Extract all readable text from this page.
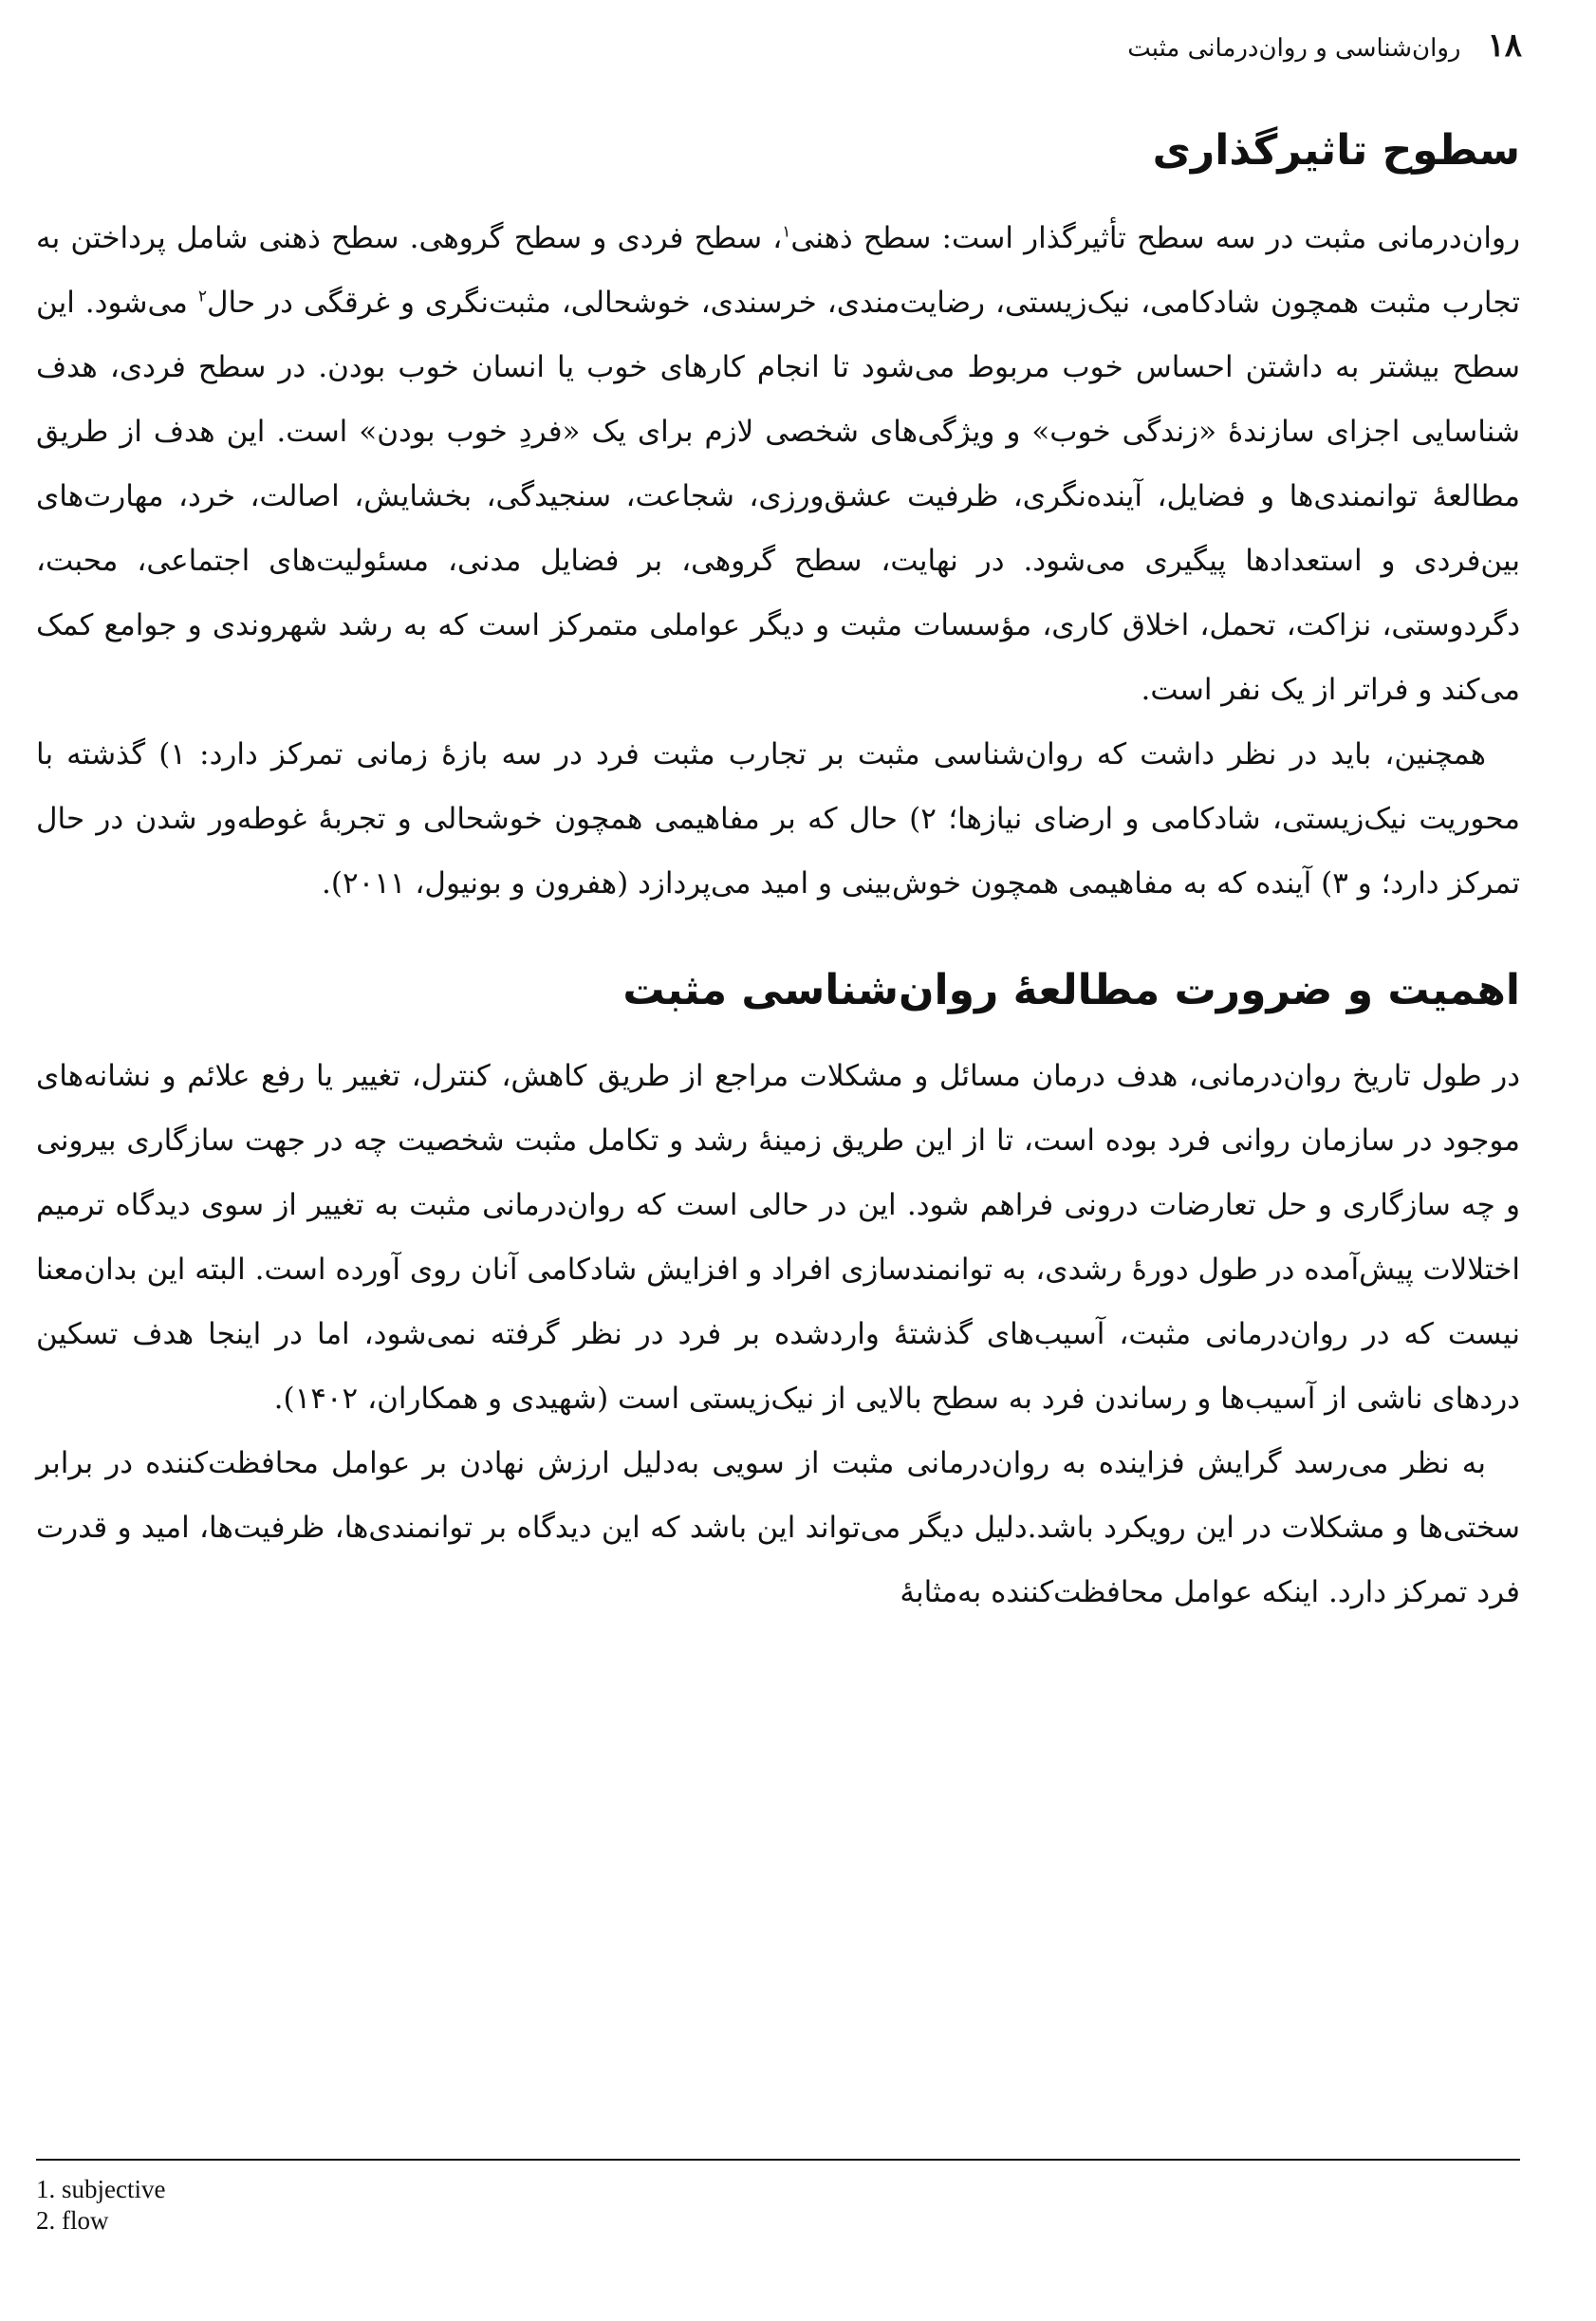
۱۸روان‌شناسی و روان‌درمانی مثبت
سطوح تاثیرگذاری

روان‌درمانی مثبت در سه سطح تأثیرگذار است: سطح ذهنی$^۱$، سطح فردی و سطح گروهی. سطح ذهنی شامل پرداختن به تجارب مثبت همچون شادکامی، نیک‌زیستی، رضایت‌مندی، خرسندی، خوشحالی، مثبت‌نگری و غرقگی در حال$^۲$ می‌شود. این سطح بیشتر به داشتن احساس خوب مربوط می‌شود تا انجام کارهای خوب یا انسان خوب بودن. در سطح فردی، هدف شناسایی اجزای سازندۀ «زندگی خوب» و ویژگی‌های شخصی لازم برای یک «فردِ خوب بودن» است. این هدف از طریق مطالعۀ توانمندی‌ها و فضایل، آینده‌نگری، ظرفیت عشق‌ورزی، شجاعت، سنجیدگی، بخشایش، اصالت، خرد، مهارت‌های بین‌فردی و استعدادها پیگیری می‌شود. در نهایت، سطح گروهی، بر فضایل مدنی، مسئولیت‌های اجتماعی، محبت، دگردوستی، نزاکت، تحمل، اخلاق کاری، مؤسسات مثبت و دیگر عواملی متمرکز است که به رشد شهروندی و جوامع کمک می‌کند و فراتر از یک نفر است.

همچنین، باید در نظر داشت که روان‌شناسی مثبت بر تجارب مثبت فرد در سه بازۀ زمانی تمرکز دارد: ۱) گذشته با محوریت نیک‌زیستی، شادکامی و ارضای نیازها؛ ۲) حال که بر مفاهیمی همچون خوشحالی و تجربۀ غوطه‌ور شدن در حال تمرکز دارد؛ و ۳) آینده که به مفاهیمی همچون خوش‌بینی و امید می‌پردازد (هفرون و بونیول، ۲۰۱۱).

اهمیت و ضرورت مطالعۀ روان‌شناسی مثبت

در طول تاریخ روان‌درمانی، هدف درمان مسائل و مشکلات مراجع از طریق کاهش، کنترل، تغییر یا رفع علائم و نشانه‌های موجود در سازمان روانی فرد بوده است، تا از این طریق زمینۀ رشد و تکامل مثبت شخصیت چه در جهت سازگاری بیرونی و چه سازگاری و حل تعارضات درونی فراهم شود. این در حالی است که روان‌درمانی مثبت به تغییر از سوی دیدگاه ترمیم اختلالات پیش‌آمده در طول دورۀ رشدی، به توانمندسازی افراد و افزایش شادکامی آنان روی آورده است. البته این بدان‌معنا نیست که در روان‌درمانی مثبت، آسیب‌های گذشتۀ واردشده بر فرد در نظر گرفته نمی‌شود، اما در اینجا هدف تسکین دردهای ناشی از آسیب‌ها و رساندن فرد به سطح بالایی از نیک‌زیستی است (شهیدی و همکاران، ۱۴۰۲).

به نظر می‌رسد گرایش فزاینده به روان‌درمانی مثبت از سویی به‌دلیل ارزش نهادن بر عوامل محافظت‌کننده در برابر سختی‌ها و مشکلات در این رویکرد باشد.دلیل دیگر می‌تواند این باشد که این دیدگاه بر توانمندی‌ها، ظرفیت‌ها، امید و قدرت فرد تمرکز دارد. اینکه عوامل محافظت‌کننده به‌مثابۀ

1. subjective
2. flow
